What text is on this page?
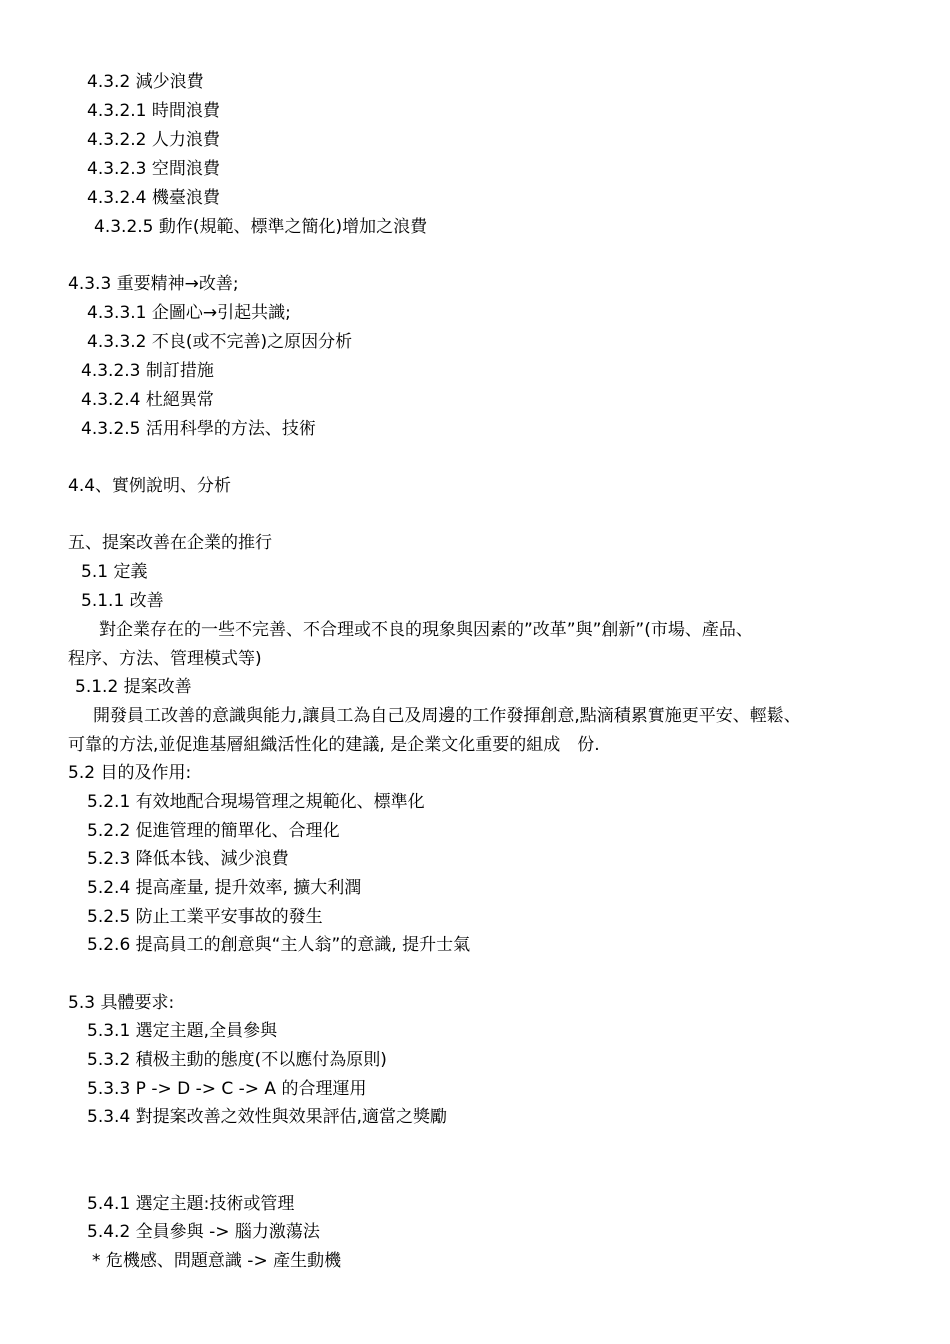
4.3.2 減少浪費
4.3.2.1 時間浪費
4.3.2.2 人力浪費
4.3.2.3 空間浪費
4.3.2.4 機臺浪費
4.3.2.5 動作(規範、標準之簡化)增加之浪費
4.3.3 重要精神→改善;
4.3.3.1 企圖心→引起共識;
4.3.3.2 不良(或不完善)之原因分析
4.3.2.3 制訂措施
4.3.2.4 杜絕異常
4.3.2.5 活用科學的方法、技術
4.4、實例說明、分析
五、提案改善在企業的推行
5.1 定義
5.1.1 改善
對企業存在的一些不完善、不合理或不良的現象與因素的”改革”與”創新”(市場、產品、
程序、方法、管理模式等)
5.1.2 提案改善
開發員工改善的意識與能力,讓員工為自己及周邊的工作發揮創意,點滴積累實施更平安、輕鬆、
可靠的方法,並促進基層組織活性化的建議, 是企業文化重要的組成　份.
5.2 目的及作用:
5.2.1 有效地配合現場管理之規範化、標準化
5.2.2 促進管理的簡單化、合理化
5.2.3 降低本钱、減少浪費
5.2.4 提高產量, 提升效率, 擴大利潤
5.2.5 防止工業平安事故的發生
5.2.6 提高員工的創意與“主人翁”的意識, 提升士氣
5.3 具體要求:
5.3.1 選定主題,全員參與
5.3.2 積极主動的態度(不以應付為原則)
5.3.3 P -> D -> C -> A 的合理運用
5.3.4 對提案改善之效性與效果評估,適當之獎勵
5.4.1 選定主題:技術或管理
5.4.2 全員參與 -> 腦力激蕩法
* 危機感、問題意識 -> 產生動機
